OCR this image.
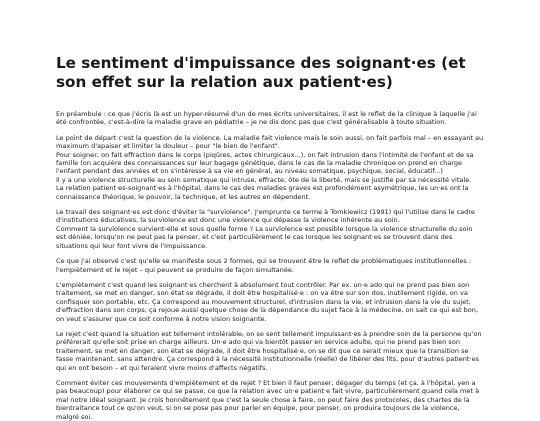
Le sentiment d'impuissance des soignant·es (et son effet sur la relation aux patient·es)

En préambule : ce que j'écris là est un hyper-résumé d'un de mes écrits universitaires, il est le reflet de la clinique à laquelle j'ai été confrontée, c'est-à-dire la maladie grave en pédiatrie – je ne dis donc pas que c'est généralisable à toute situation.

Le point de départ c'est la question de la violence. La maladie fait violence mais le soin aussi, on fait parfois mal – en essayant au maximum d'apaiser et limiter la douleur – pour "le bien de l'enfant".
Pour soigner, on fait effraction dans le corps (piqûres, actes chirurgicaux...), on fait intrusion dans l'intimité de l'enfant et de sa famille (on acquière des connaissances sur leur bagage génétique, dans le cas de la maladie chronique on prend en charge l'enfant pendant des années et on s'intéresse à sa vie en général, au niveau somatique, psychique, social, éducatif...)
Il y a une violence structurelle au soin somatique qui intruse, effracte, ôte de la liberté, mais se justifie par sa nécessité vitale.
La relation patient·es-soignant·es à l'hôpital, dans le cas des maladies graves est profondément asymétrique, les un·es ont la connaissance théorique, le pouvoir, la technique, et les autres en dépendent.

Le travail des soignant·es est donc d'éviter la "survïolence". J'emprunte ce terme à Tomkiewicz (1991) qui l'utilise dans le cadre d'institutions éducatives, la survïolence est donc une violence qui dépasse la violence inhérente au soin.
Comment la survïolence survient-elle et sous quelle forme ? La survïolence est possible lorsque la violence structurelle du soin est déniée, lorsqu'on ne peut pas la penser, et c'est particulièrement le cas lorsque les soignant·es se trouvent dans des situations qui leur font vivre de l'impuissance.

Ce que j'ai observé c'est qu'elle se manifeste sous 2 formes, qui se trouvent être le reflet de problématiques institutionnelles : l'empiètement et le rejet – qui peuvent se produire de façon simultanée.

L'empiètement c'est quand les soignant·es cherchent à absolument tout contrôler. Par ex. un·e ado qui ne prend pas bien son traitement, se met en danger, son état se dégrade, il doit être hospitalisé·e : on va être sur son dos, inutilement rigide, on va confisquer son portable, etc. Ça correspond au mouvement structurel, d'intrusion dans la vie, et intrusion dans la vie du sujet, d'effraction dans son corps, ça rejoue aussi quelque chose de la dépendance du sujet face à la médecine, on sait ce qui est bon, on veut s'assurer que ce soit conforme à notre vision soignante.

Le rejet c'est quand la situation est tellement intolérable, on se sent tellement impuissant·es à prendre soin de la personne qu'on préférerait qu'elle soit prise en charge ailleurs. Un·e ado qui va bientôt passer en service adulte, qui ne prend pas bien son traitement, se met en danger, son état se dégrade, il doit être hospitalisé·e, on se dit que ce serait mieux que la transition se fasse maintenant, sans attendre. Ça correspond à la nécessité institutionnelle (réelle) de libérer des lits, pour d'autres patient·es qui en ont besoin – et qui feraient vivre moins d'affects négatifs.

Comment éviter ces mouvements d'empiètement et de rejet ? Et bien il faut penser, dégager du temps (et ça, à l'hôpital, yen a pas beaucoup) pour élaborer ce qui se passe, ce que la relation avec un·e patient·e fait vivre, particulièrement quand cela met à mal notre idéal soignant. Je crois honnêtement que c'est la seule chose à faire, on peut faire des protocoles, des chartes de la bientraitance tout ce qu'on veut, si on se pose pas pour parler en équipe, pour penser, on produira toujours de la violence, malgré soi.
